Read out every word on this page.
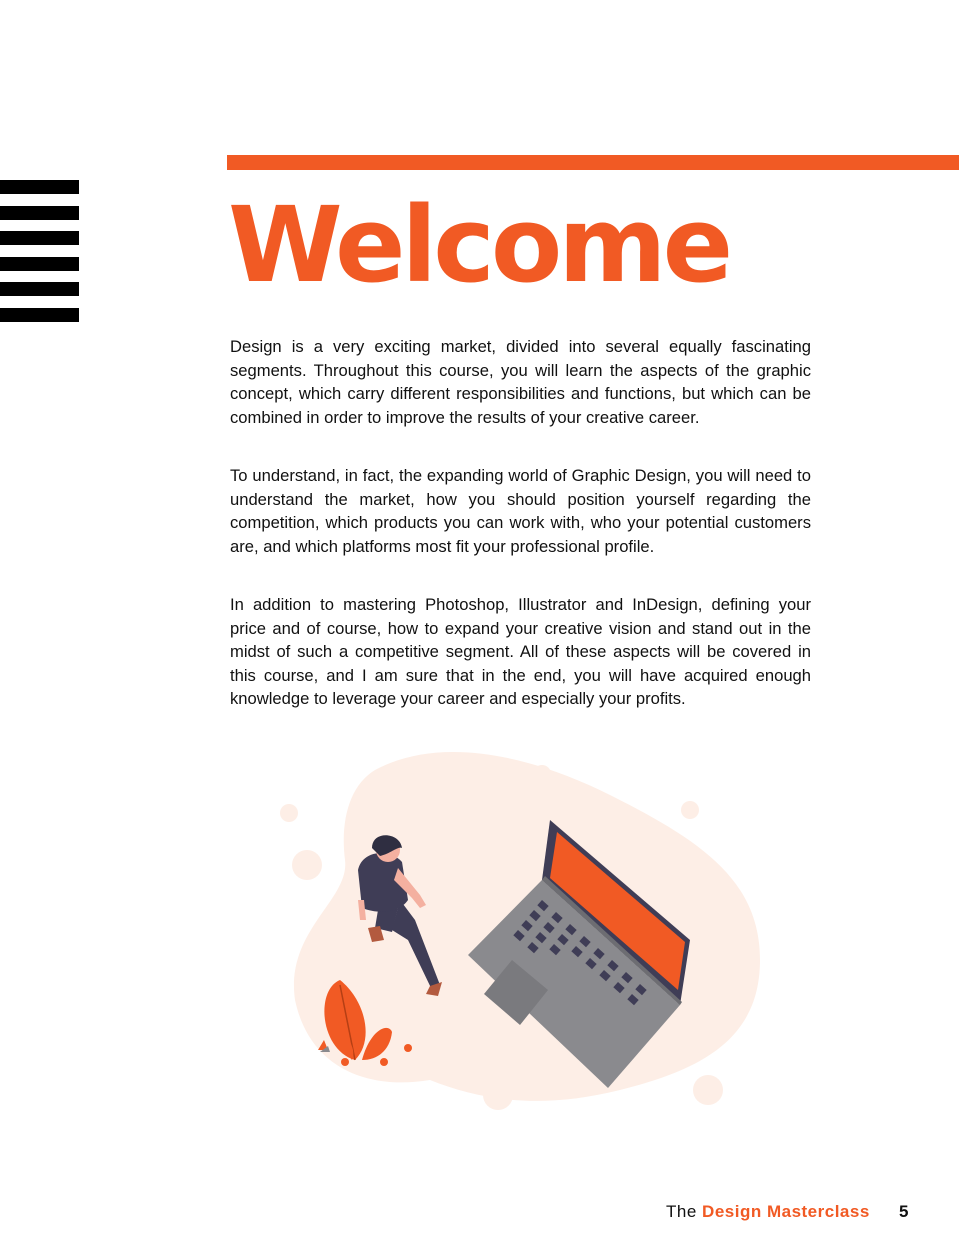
Welcome

Design is a very exciting market, divided into several equally fascinating segments. Throughout this course, you will learn the aspects of the graphic concept, which carry different responsibilities and functions, but which can be combined in order to improve the results of your creative career.

To understand, in fact, the expanding world of Graphic Design, you will need to understand the market, how you should position yourself regarding the competition, which products you can work with, who your potential customers are, and which platforms most fit your professional profile.

In addition to mastering Photoshop, Illustrator and InDesign, defining your price and of course, how to expand your creative vision and stand out in the midst of such a competitive segment. All of these aspects will be covered in this course, and I am sure that in the end, you will have acquired enough knowledge to leverage your career and especially your profits.

The Design Masterclass 5
